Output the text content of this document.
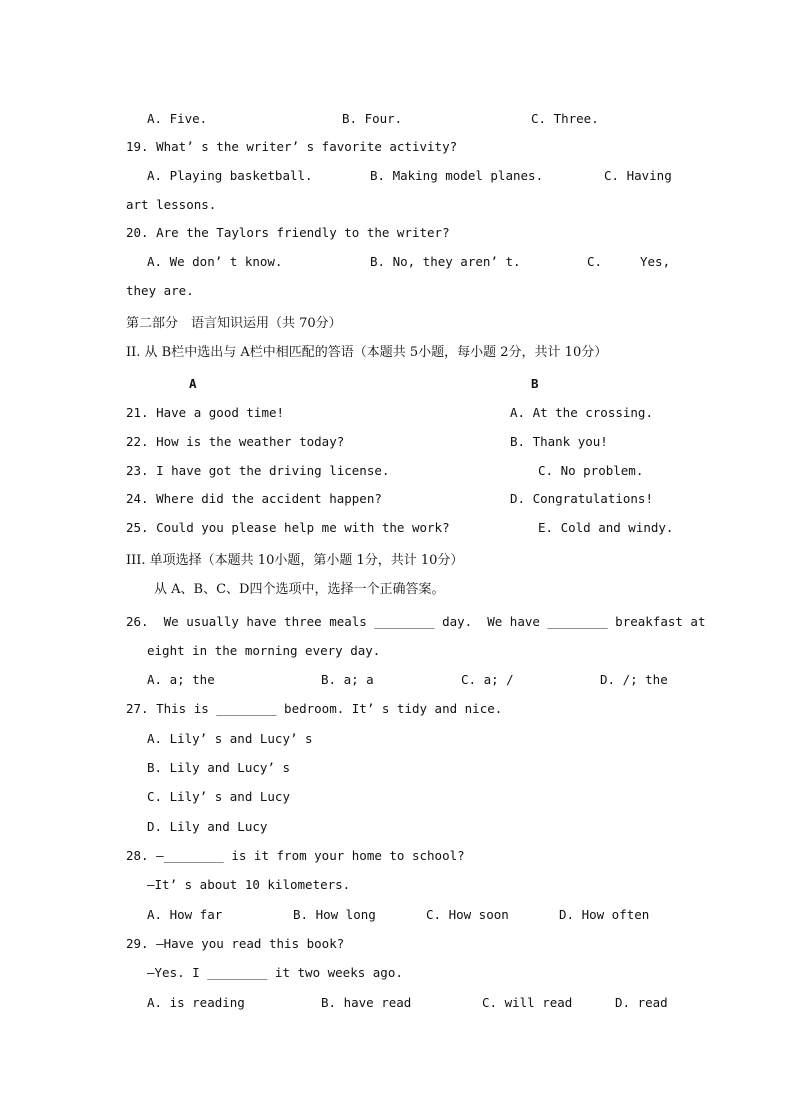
A. Five.	B. Four.	C. Three.
19. What’ s the writer’ s favorite activity?
A. Playing basketball.	B. Making model planes.	C. Having
art lessons.
20. Are the Taylors friendly to the writer?
A. We don’ t know.	B. No, they aren’ t.	C.	Yes,
they are.
第二部分　语言知识运用（共 70分）
II. 从 B栏中选出与 A栏中相匹配的答语（本题共 5小题，每小题 2分，共计 10分）
A	B
21. Have a good time!	A. At the crossing.
22. How is the weather today?	B. Thank you!
23. I have got the driving license.	C. No problem.
24. Where did the accident happen?	D. Congratulations!
25. Could you please help me with the work?	E. Cold and windy.
III. 单项选择（本题共 10小题，第小题 1分，共计 10分）
从 A、B、C、D四个选项中，选择一个正确答案。
26.  We usually have three meals ________ day.  We have ________ breakfast at
eight in the morning every day.
A. a; the	B. a; a	C. a; /	D. /; the
27. This is ________ bedroom. It’ s tidy and nice.
A. Lily’ s and Lucy’ s
B. Lily and Lucy’ s
C. Lily’ s and Lucy
D. Lily and Lucy
28. —________ is it from your home to school?
—It’ s about 10 kilometers.
A. How far	B. How long	C. How soon	D. How often
29. —Have you read this book?
—Yes. I ________ it two weeks ago.
A. is reading	B. have read	C. will read	D. read
